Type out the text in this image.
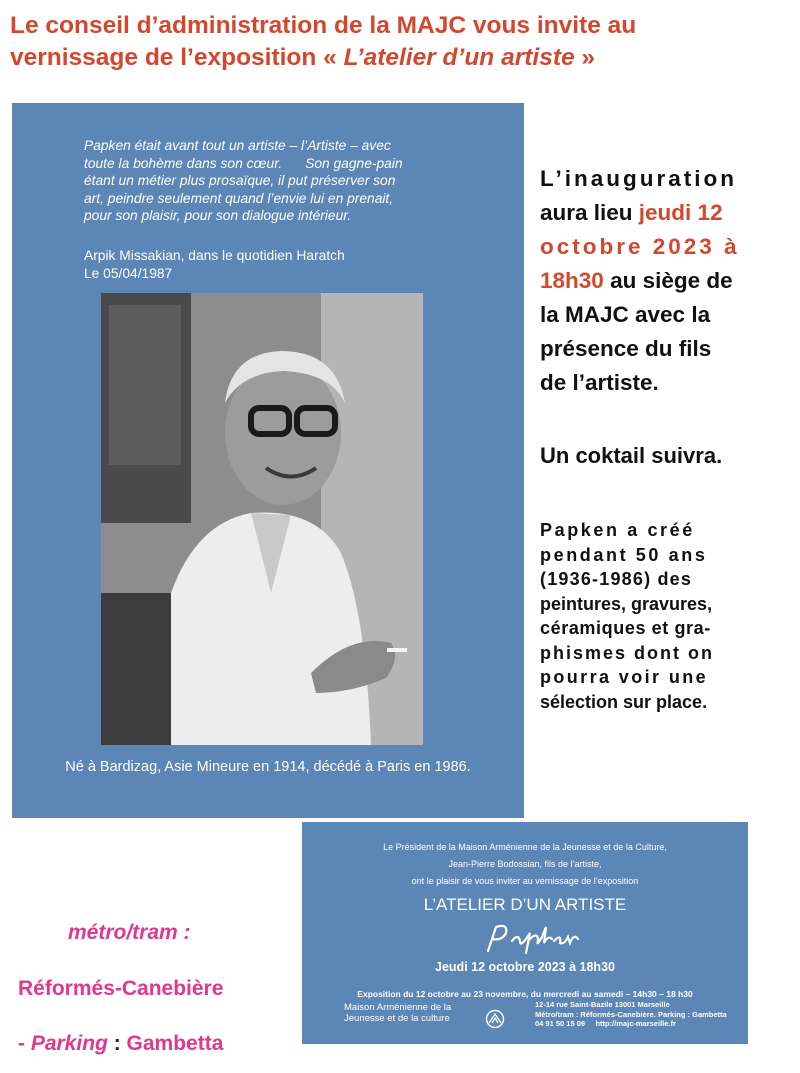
Le conseil d’administration de la MAJC vous invite au
vernissage de l’exposition « L’atelier d’un artiste »
Papken était avant tout un artiste – l’Artiste – avec
toute la bohème dans son cœur.      Son gagne-pain
étant un métier plus prosaïque, il put préserver son
art, peindre seulement quand l’envie lui en prenait,
pour son plaisir, pour son dialogue intérieur.
Arpik Missakian, dans le quotidien Haratch
Le 05/04/1987
Né à Bardizag, Asie Mineure en 1914, décédé à Paris en 1986.
L’inauguration
aura lieu jeudi 12
octobre 2023 à
18h30 au siège de
la MAJC avec la
présence du fils
de l’artiste.
Un coktail suivra.
Papken a créé
pendant 50 ans
(1936-1986) des
peintures, gravures,
céramiques et gra-
phismes dont on
pourra voir une
sélection sur place.
Le Président de la Maison Arménienne de la Jeunesse et de la Culture,
Jean-Pierre Bodossian, fils de l’artiste,
ont le plaisir de vous inviter au vernissage de l’exposition
L’ATELIER D’UN ARTISTE
Jeudi 12 octobre 2023 à 18h30
Exposition du 12 octobre au 23 novembre, du mercredi au samedi – 14h30 – 18 h30
Maison Arménienne de la
Jeunesse et de la culture
12-14 rue Saint-Bazile 13001 Marseille
Métro/tram : Réformés-Canebière. Parking : Gambetta
04 91 50 15 09     http://majc-marseille.fr
métro/tram :
Réformés-Canebière
- Parking : Gambetta
